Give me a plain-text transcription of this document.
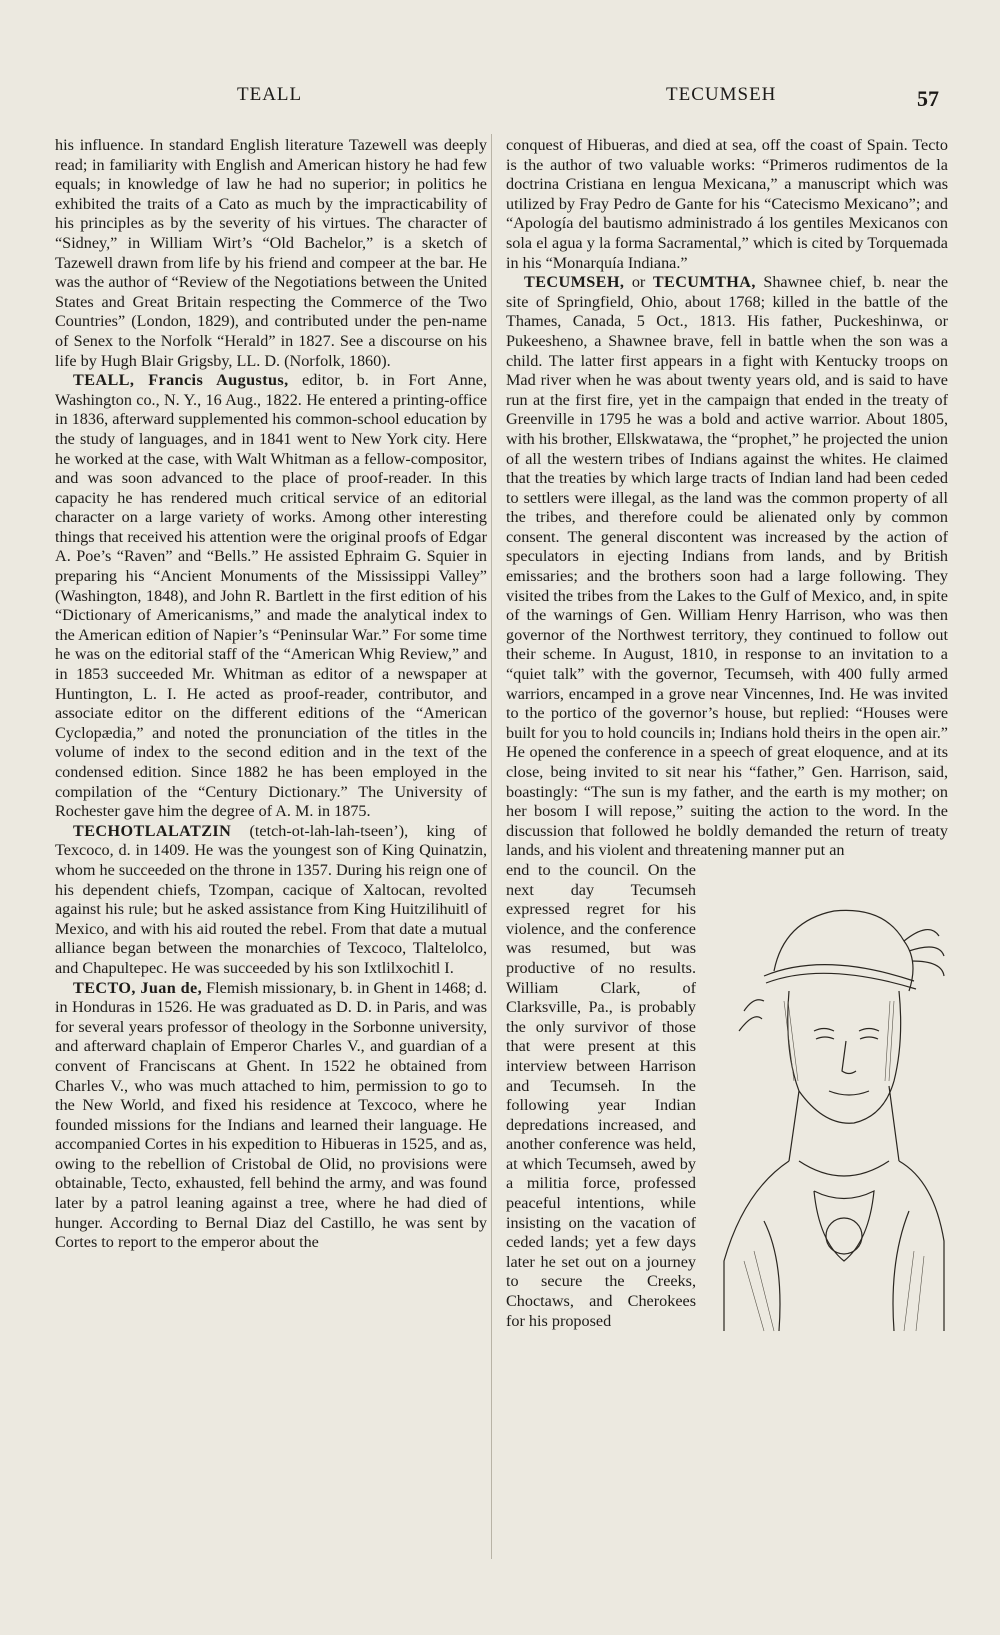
TEALL	TECUMSEH	57

his influence. In standard English literature Tazewell was deeply read; in familiarity with English and American history he had few equals; in knowledge of law he had no superior; in politics he exhibited the traits of a Cato as much by the impracticability of his principles as by the severity of his virtues. The character of “Sidney,” in William Wirt’s “Old Bachelor,” is a sketch of Tazewell drawn from life by his friend and compeer at the bar. He was the author of “Review of the Negotiations between the United States and Great Britain respecting the Commerce of the Two Countries” (London, 1829), and contributed under the pen-name of Senex to the Norfolk “Herald” in 1827. See a discourse on his life by Hugh Blair Grigsby, LL. D. (Norfolk, 1860).

TEALL, Francis Augustus, editor, b. in Fort Anne, Washington co., N. Y., 16 Aug., 1822. He entered a printing-office in 1836, afterward supplemented his common-school education by the study of languages, and in 1841 went to New York city. Here he worked at the case, with Walt Whitman as a fellow-compositor, and was soon advanced to the place of proof-reader. In this capacity he has rendered much critical service of an editorial character on a large variety of works. Among other interesting things that received his attention were the original proofs of Edgar A. Poe’s “Raven” and “Bells.” He assisted Ephraim G. Squier in preparing his “Ancient Monuments of the Mississippi Valley” (Washington, 1848), and John R. Bartlett in the first edition of his “Dictionary of Americanisms,” and made the analytical index to the American edition of Napier’s “Peninsular War.” For some time he was on the editorial staff of the “American Whig Review,” and in 1853 succeeded Mr. Whitman as editor of a newspaper at Huntington, L. I. He acted as proof-reader, contributor, and associate editor on the different editions of the “American Cyclopædia,” and noted the pronunciation of the titles in the volume of index to the second edition and in the text of the condensed edition. Since 1882 he has been employed in the compilation of the “Century Dictionary.” The University of Rochester gave him the degree of A. M. in 1875.

TECHOTLALATZIN (tetch-ot-lah-lah-tseen’), king of Texcoco, d. in 1409. He was the youngest son of King Quinatzin, whom he succeeded on the throne in 1357. During his reign one of his dependent chiefs, Tzompan, cacique of Xaltocan, revolted against his rule; but he asked assistance from King Huitzilihuitl of Mexico, and with his aid routed the rebel. From that date a mutual alliance began between the monarchies of Texcoco, Tlaltelolco, and Chapultepec. He was succeeded by his son Ixtlilxochitl I.

TECTO, Juan de, Flemish missionary, b. in Ghent in 1468; d. in Honduras in 1526. He was graduated as D. D. in Paris, and was for several years professor of theology in the Sorbonne university, and afterward chaplain of Emperor Charles V., and guardian of a convent of Franciscans at Ghent. In 1522 he obtained from Charles V., who was much attached to him, permission to go to the New World, and fixed his residence at Texcoco, where he founded missions for the Indians and learned their language. He accompanied Cortes in his expedition to Hibueras in 1525, and as, owing to the rebellion of Cristobal de Olid, no provisions were obtainable, Tecto, exhausted, fell behind the army, and was found later by a patrol leaning against a tree, where he had died of hunger. According to Bernal Diaz del Castillo, he was sent by Cortes to report to the emperor about the

conquest of Hibueras, and died at sea, off the coast of Spain. Tecto is the author of two valuable works: “Primeros rudimentos de la doctrina Cristiana en lengua Mexicana,” a manuscript which was utilized by Fray Pedro de Gante for his “Catecismo Mexicano”; and “Apología del bautismo administrado á los gentiles Mexicanos con sola el agua y la forma Sacramental,” which is cited by Torquemada in his “Monarquía Indiana.”

TECUMSEH, or TECUMTHA, Shawnee chief, b. near the site of Springfield, Ohio, about 1768; killed in the battle of the Thames, Canada, 5 Oct., 1813. His father, Puckeshinwa, or Pukeesheno, a Shawnee brave, fell in battle when the son was a child. The latter first appears in a fight with Kentucky troops on Mad river when he was about twenty years old, and is said to have run at the first fire, yet in the campaign that ended in the treaty of Greenville in 1795 he was a bold and active warrior. About 1805, with his brother, Ellskwatawa, the “prophet,” he projected the union of all the western tribes of Indians against the whites. He claimed that the treaties by which large tracts of Indian land had been ceded to settlers were illegal, as the land was the common property of all the tribes, and therefore could be alienated only by common consent. The general discontent was increased by the action of speculators in ejecting Indians from lands, and by British emissaries; and the brothers soon had a large following. They visited the tribes from the Lakes to the Gulf of Mexico, and, in spite of the warnings of Gen. William Henry Harrison, who was then governor of the Northwest territory, they continued to follow out their scheme. In August, 1810, in response to an invitation to a “quiet talk” with the governor, Tecumseh, with 400 fully armed warriors, encamped in a grove near Vincennes, Ind. He was invited to the portico of the governor’s house, but replied: “Houses were built for you to hold councils in; Indians hold theirs in the open air.” He opened the conference in a speech of great eloquence, and at its close, being invited to sit near his “father,” Gen. Harrison, said, boastingly: “The sun is my father, and the earth is my mother; on her bosom I will repose,” suiting the action to the word. In the discussion that followed he boldly demanded the return of treaty lands, and his violent and threatening manner put an

end to the council. On the next day Tecumseh expressed regret for his violence, and the conference was resumed, but was productive of no results. William Clark, of Clarksville, Pa., is probably the only survivor of those that were present at this interview between Harrison and Tecumseh. In the following year Indian depredations increased, and another conference was held, at which Tecumseh, awed by a militia force, professed peaceful intentions, while insisting on the vacation of ceded lands; yet a few days later he set out on a journey to secure the Creeks, Choctaws, and Cherokees for his proposed
